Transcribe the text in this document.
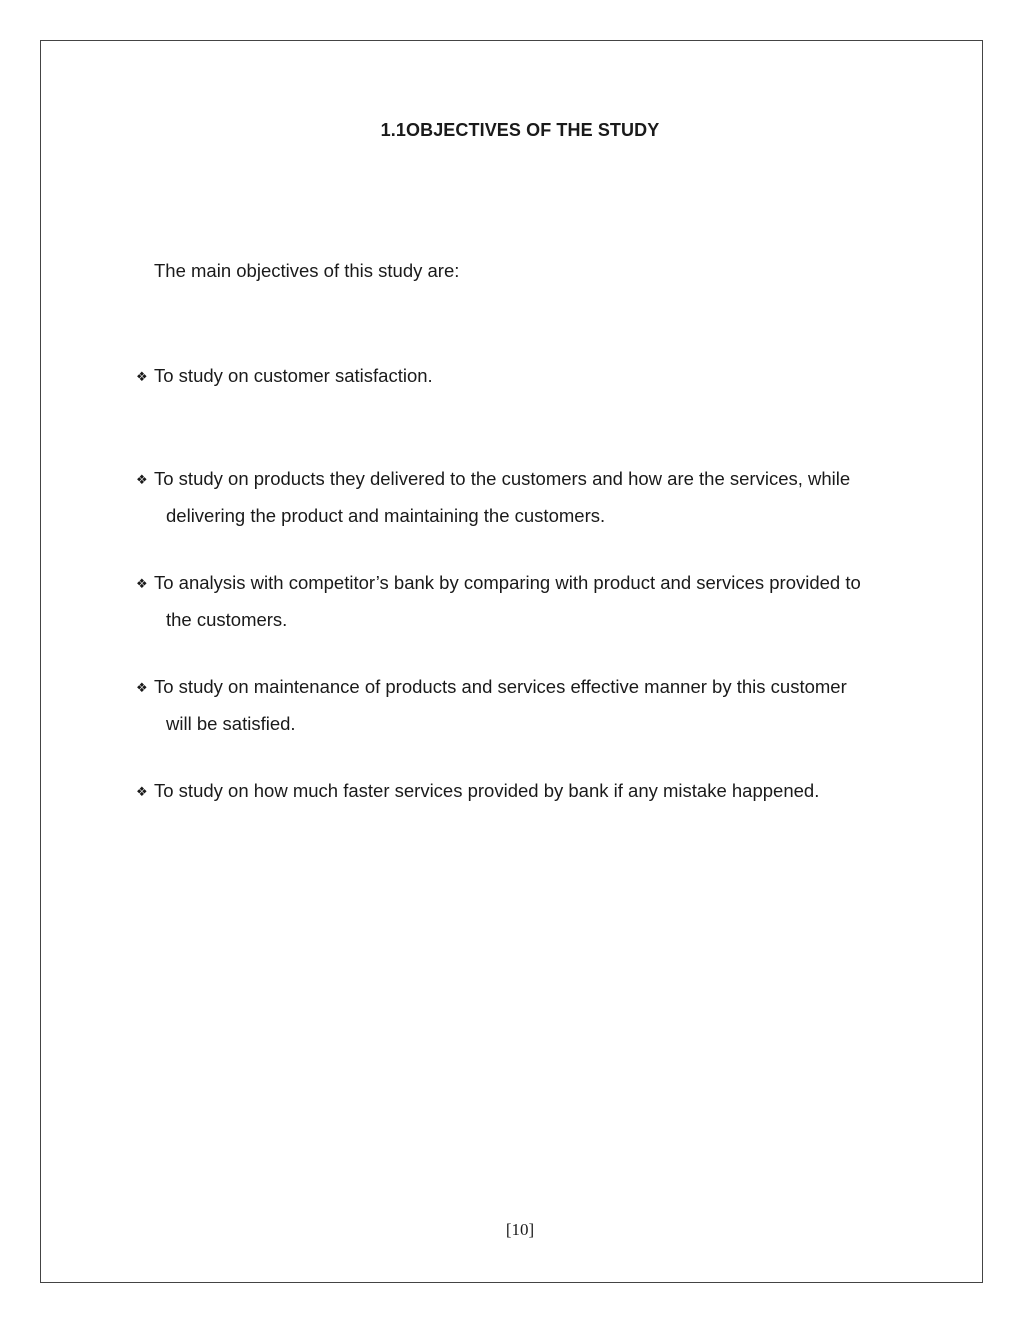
1.1OBJECTIVES OF THE STUDY
The main objectives of this study are:
❖ To study on customer satisfaction.
❖ To study on products they delivered to the customers and how are the services, while
delivering the product and maintaining the customers.
❖ To analysis with competitor’s bank by comparing with product and services provided to
the customers.
❖ To study on maintenance of products and services effective manner by this customer
will be satisfied.
❖ To study on how much faster services provided by bank if any mistake happened.
[10]
